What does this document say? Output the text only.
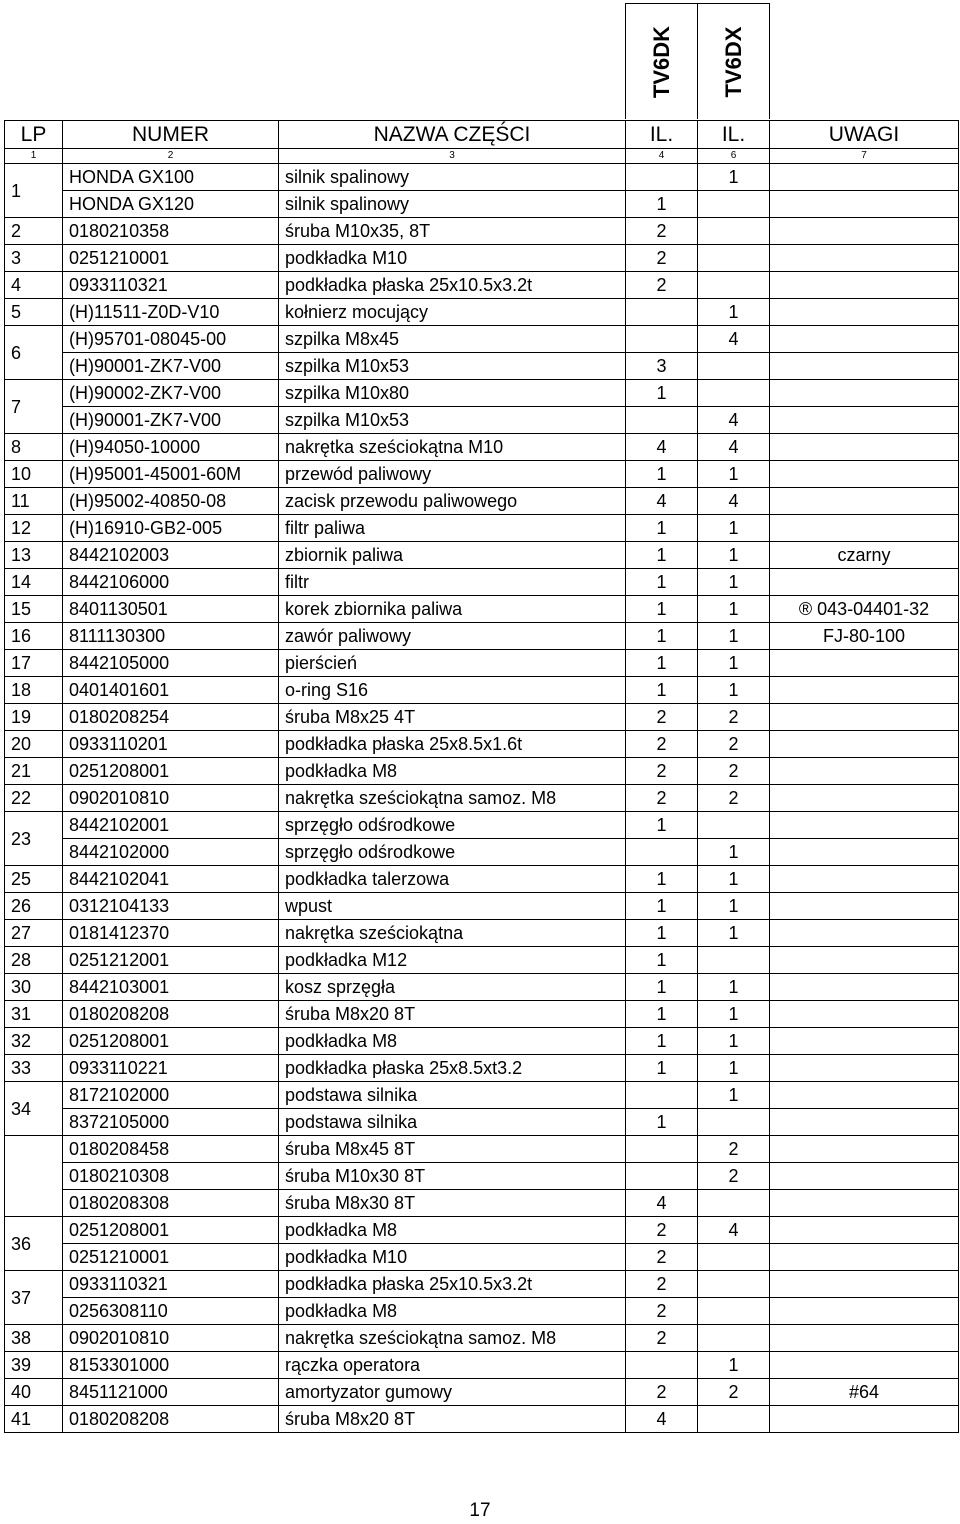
TV6DK TV6DX
LP	NUMER	NAZWA CZĘŚCI	IL.	IL.	UWAGI
1	2	3	4	6	7
1	HONDA GX100	silnik spalinowy		1	
	HONDA GX120	silnik spalinowy	1		
2	0180210358	śruba M10x35, 8T	2		
3	0251210001	podkładka M10	2		
4	0933110321	podkładka płaska 25x10.5x3.2t	2		
5	(H)11511-Z0D-V10	kołnierz mocujący		1	
6	(H)95701-08045-00	szpilka M8x45		4	
	(H)90001-ZK7-V00	szpilka M10x53	3		
7	(H)90002-ZK7-V00	szpilka M10x80	1		
	(H)90001-ZK7-V00	szpilka M10x53		4	
8	(H)94050-10000	nakrętka sześciokątna M10	4	4	
10	(H)95001-45001-60M	przewód paliwowy	1	1	
11	(H)95002-40850-08	zacisk przewodu paliwowego	4	4	
12	(H)16910-GB2-005	filtr paliwa	1	1	
13	8442102003	zbiornik paliwa	1	1	czarny
14	8442106000	filtr	1	1	
15	8401130501	korek zbiornika paliwa	1	1	® 043-04401-32
16	8111130300	zawór paliwowy	1	1	FJ-80-100
17	8442105000	pierścień	1	1	
18	0401401601	o-ring S16	1	1	
19	0180208254	śruba M8x25 4T	2	2	
20	0933110201	podkładka płaska 25x8.5x1.6t	2	2	
21	0251208001	podkładka M8	2	2	
22	0902010810	nakrętka sześciokątna samoz. M8	2	2	
23	8442102001	sprzęgło odśrodkowe	1		
	8442102000	sprzęgło odśrodkowe		1	
25	8442102041	podkładka talerzowa	1	1	
26	0312104133	wpust	1	1	
27	0181412370	nakrętka sześciokątna	1	1	
28	0251212001	podkładka M12	1		
30	8442103001	kosz sprzęgła	1	1	
31	0180208208	śruba M8x20 8T	1	1	
32	0251208001	podkładka M8	1	1	
33	0933110221	podkładka płaska 25x8.5xt3.2	1	1	
34	8172102000	podstawa silnika		1	
	8372105000	podstawa silnika	1		
	0180208458	śruba M8x45 8T		2	
	0180210308	śruba M10x30 8T		2	
	0180208308	śruba M8x30 8T	4		
36	0251208001	podkładka M8	2	4	
	0251210001	podkładka M10	2		
37	0933110321	podkładka płaska 25x10.5x3.2t	2		
	0256308110	podkładka M8	2		
38	0902010810	nakrętka sześciokątna samoz. M8	2		
39	8153301000	rączka operatora		1	
40	8451121000	amortyzator gumowy	2	2	#64
41	0180208208	śruba M8x20 8T	4		
17
